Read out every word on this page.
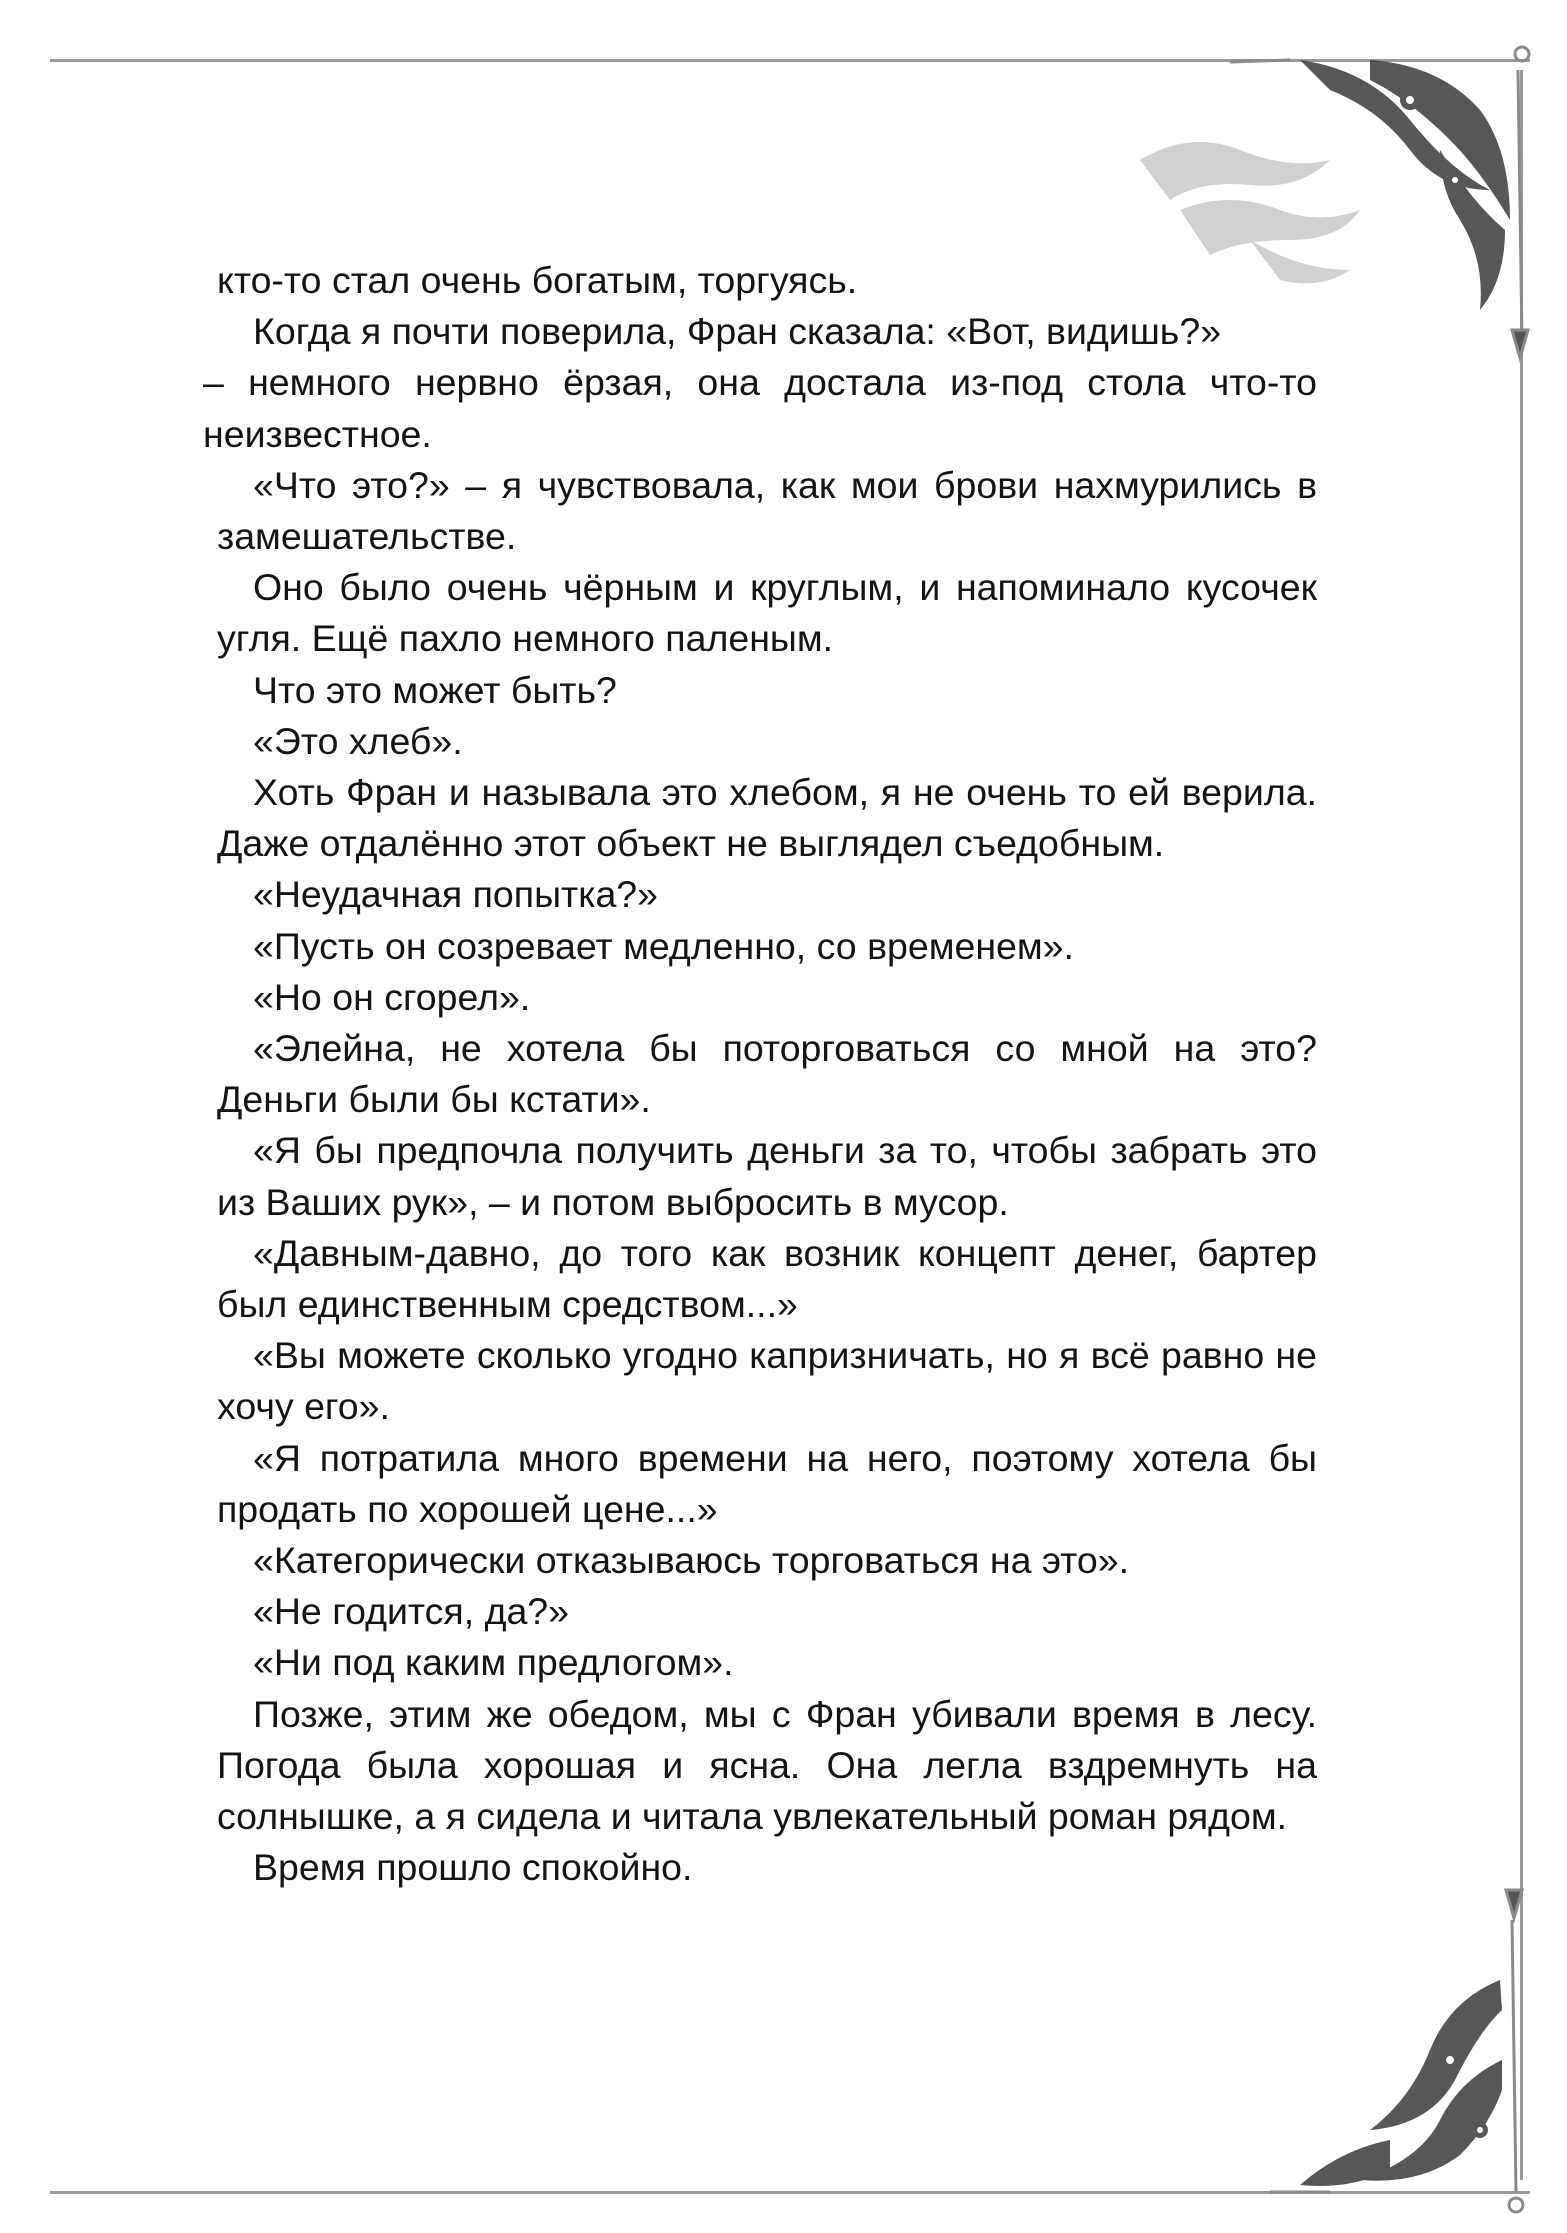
кто-то стал очень богатым, торгуясь.

Когда я почти поверила, Фран сказала: «Вот, видишь?»

– немного нервно ёрзая, она достала из-под стола что-то неизвестное.

«Что это?» – я чувствовала, как мои брови нахмурились в замешательстве.

Оно было очень чёрным и круглым, и напоминало кусочек угля. Ещё пахло немного паленым.

Что это может быть?

«Это хлеб».

Хоть Фран и называла это хлебом, я не очень то ей верила. Даже отдалённо этот объект не выглядел съедобным.

«Неудачная попытка?»

«Пусть он созревает медленно, со временем».

«Но он сгорел».

«Элейна, не хотела бы поторговаться со мной на это? Деньги были бы кстати».

«Я бы предпочла получить деньги за то, чтобы забрать это из Ваших рук», – и потом выбросить в мусор.

«Давным-давно, до того как возник концепт денег, бартер был единственным средством...»

«Вы можете сколько угодно капризничать, но я всё равно не хочу его».

«Я потратила много времени на него, поэтому хотела бы продать по хорошей цене...»

«Категорически отказываюсь торговаться на это».

«Не годится, да?»

«Ни под каким предлогом».

Позже, этим же обедом, мы с Фран убивали время в лесу. Погода была хорошая и ясна. Она легла вздремнуть на солнышке, а я сидела и читала увлекательный роман рядом.

Время прошло спокойно.
